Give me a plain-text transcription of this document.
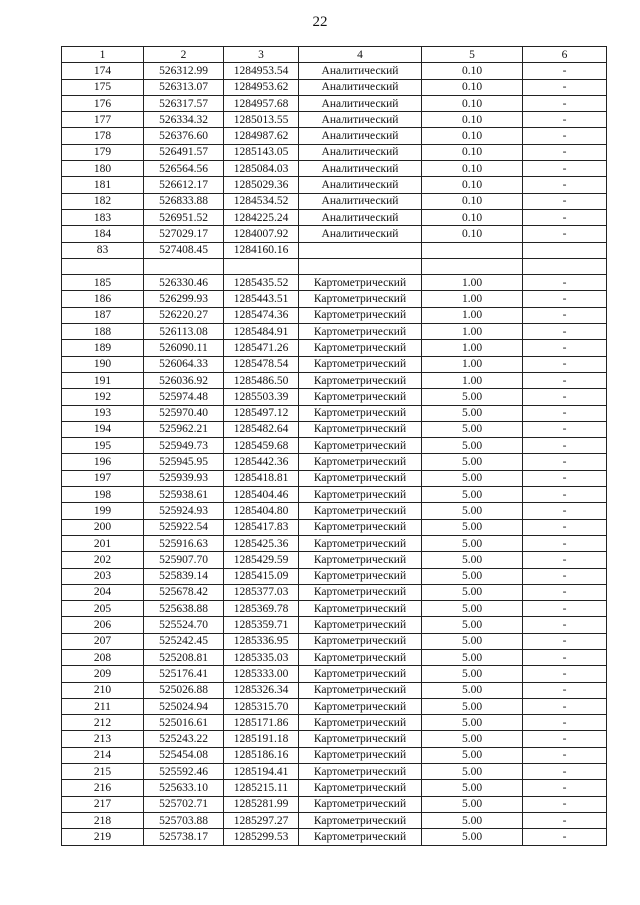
22
1	2	3	4	5	6
174	526312.99	1284953.54	Аналитический	0.10	-
175	526313.07	1284953.62	Аналитический	0.10	-
176	526317.57	1284957.68	Аналитический	0.10	-
177	526334.32	1285013.55	Аналитический	0.10	-
178	526376.60	1284987.62	Аналитический	0.10	-
179	526491.57	1285143.05	Аналитический	0.10	-
180	526564.56	1285084.03	Аналитический	0.10	-
181	526612.17	1285029.36	Аналитический	0.10	-
182	526833.88	1284534.52	Аналитический	0.10	-
183	526951.52	1284225.24	Аналитический	0.10	-
184	527029.17	1284007.92	Аналитический	0.10	-
83	527408.45	1284160.16			

185	526330.46	1285435.52	Картометрический	1.00	-
186	526299.93	1285443.51	Картометрический	1.00	-
187	526220.27	1285474.36	Картометрический	1.00	-
188	526113.08	1285484.91	Картометрический	1.00	-
189	526090.11	1285471.26	Картометрический	1.00	-
190	526064.33	1285478.54	Картометрический	1.00	-
191	526036.92	1285486.50	Картометрический	1.00	-
192	525974.48	1285503.39	Картометрический	5.00	-
193	525970.40	1285497.12	Картометрический	5.00	-
194	525962.21	1285482.64	Картометрический	5.00	-
195	525949.73	1285459.68	Картометрический	5.00	-
196	525945.95	1285442.36	Картометрический	5.00	-
197	525939.93	1285418.81	Картометрический	5.00	-
198	525938.61	1285404.46	Картометрический	5.00	-
199	525924.93	1285404.80	Картометрический	5.00	-
200	525922.54	1285417.83	Картометрический	5.00	-
201	525916.63	1285425.36	Картометрический	5.00	-
202	525907.70	1285429.59	Картометрический	5.00	-
203	525839.14	1285415.09	Картометрический	5.00	-
204	525678.42	1285377.03	Картометрический	5.00	-
205	525638.88	1285369.78	Картометрический	5.00	-
206	525524.70	1285359.71	Картометрический	5.00	-
207	525242.45	1285336.95	Картометрический	5.00	-
208	525208.81	1285335.03	Картометрический	5.00	-
209	525176.41	1285333.00	Картометрический	5.00	-
210	525026.88	1285326.34	Картометрический	5.00	-
211	525024.94	1285315.70	Картометрический	5.00	-
212	525016.61	1285171.86	Картометрический	5.00	-
213	525243.22	1285191.18	Картометрический	5.00	-
214	525454.08	1285186.16	Картометрический	5.00	-
215	525592.46	1285194.41	Картометрический	5.00	-
216	525633.10	1285215.11	Картометрический	5.00	-
217	525702.71	1285281.99	Картометрический	5.00	-
218	525703.88	1285297.27	Картометрический	5.00	-
219	525738.17	1285299.53	Картометрический	5.00	-
